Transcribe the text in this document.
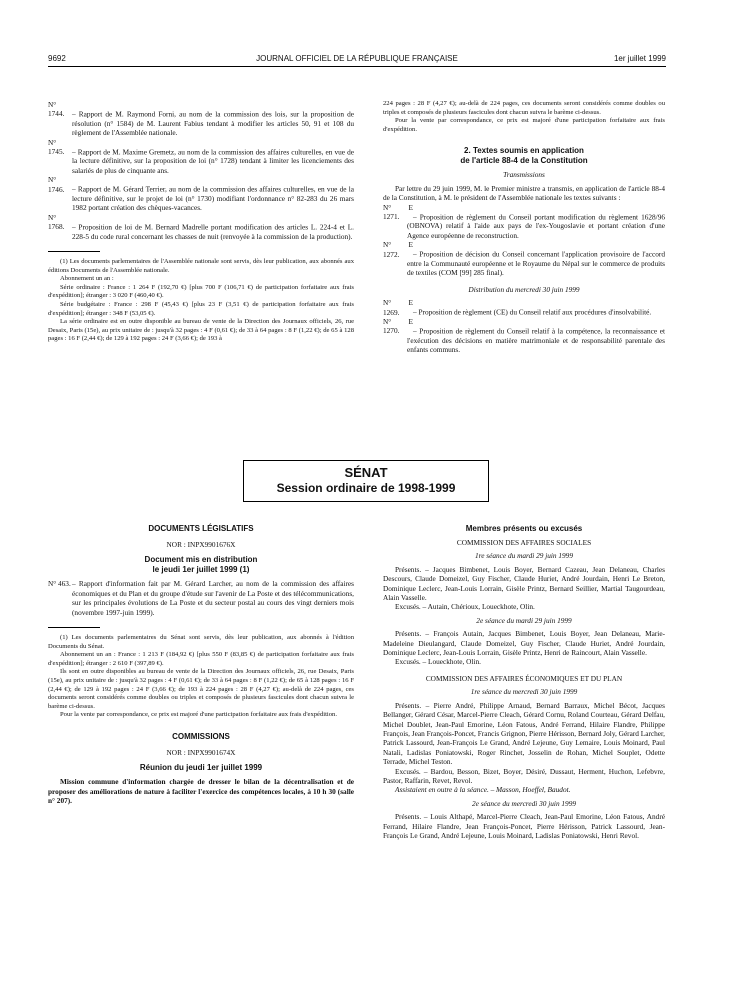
9692	JOURNAL OFFICIEL DE LA RÉPUBLIQUE FRANÇAISE	1er juillet 1999

N° 1744. – Rapport de M. Raymond Forni, au nom de la commission des lois, sur la proposition de résolution (n° 1584) de M. Laurent Fabius tendant à modifier les articles 50, 91 et 108 du règlement de l'Assemblée nationale.

N° 1745. – Rapport de M. Maxime Gremetz, au nom de la commission des affaires culturelles, en vue de la lecture définitive, sur la proposition de loi (n° 1728) tendant à limiter les licenciements des salariés de plus de cinquante ans.

N° 1746. – Rapport de M. Gérard Terrier, au nom de la commission des affaires culturelles, en vue de la lecture définitive, sur le projet de loi (n° 1730) modifiant l'ordonnance n° 82-283 du 26 mars 1982 portant création des chèques-vacances.

N° 1768. – Proposition de loi de M. Bernard Madrelle portant modification des articles L. 224-4 et L. 228-5 du code rural concernant les chasses de nuit (renvoyée à la commission de la production).

(1) Les documents parlementaires de l'Assemblée nationale sont servis, dès leur publication, aux abonnés aux éditions Documents de l'Assemblée nationale.

Abonnement un an :

Série ordinaire : France : 1 264 F (192,70 €) [plus 700 F (106,71 €) de participation forfaitaire aux frais d'expédition]; étranger : 3 020 F (460,40 €).

Série budgétaire : France : 298 F (45,43 €) [plus 23 F (3,51 €) de participation forfaitaire aux frais d'expédition]; étranger : 348 F (53,05 €).

La série ordinaire est en outre disponible au bureau de vente de la Direction des Journaux officiels, 26, rue Desaix, Paris (15e), au prix unitaire de : jusqu'à 32 pages : 4 F (0,61 €); de 33 à 64 pages : 8 F (1,22 €); de 65 à 128 pages : 16 F (2,44 €); de 129 à 192 pages : 24 F (3,66 €); de 193 à

224 pages : 28 F (4,27 €); au-delà de 224 pages, ces documents seront considérés comme doubles ou triples et composés de plusieurs fascicules dont chacun suivra le barème ci-dessus.

Pour la vente par correspondance, ce prix est majoré d'une participation forfaitaire aux frais d'expédition.

2. Textes soumis en application
de l'article 88-4 de la Constitution
Transmissions

Par lettre du 29 juin 1999, M. le Premier ministre a transmis, en application de l'article 88-4 de la Constitution, à M. le président de l'Assemblée nationale les textes suivants :

N° E 1271. – Proposition de règlement du Conseil portant modification du règlement 1628/96 (OBNOVA) relatif à l'aide aux pays de l'ex-Yougoslavie et portant création d'une Agence européenne de reconstruction.

N° E 1272. – Proposition de décision du Conseil concernant l'application provisoire de l'accord entre la Communauté européenne et le Royaume du Népal sur le commerce de produits de textiles (COM [99] 285 final).

Distribution du mercredi 30 juin 1999

N° E 1269. – Proposition de règlement (CE) du Conseil relatif aux procédures d'insolvabilité.

N° E 1270. – Proposition de règlement du Conseil relatif à la compétence, la reconnaissance et l'exécution des décisions en matière matrimoniale et de responsabilité parentale des enfants communs.

SÉNAT
Session ordinaire de 1998-1999
DOCUMENTS LÉGISLATIFS
NOR : INPX9901676X
Document mis en distribution
le jeudi 1er juillet 1999 (1)

N° 463.– Rapport d'information fait par M. Gérard Larcher, au nom de la commission des affaires économiques et du Plan et du groupe d'étude sur l'avenir de La Poste et des télécommunications, sur les principales évolutions de La Poste et du secteur postal au cours des vingt derniers mois (novembre 1997-juin 1999).

(1) Les documents parlementaires du Sénat sont servis, dès leur publication, aux abonnés à l'édition Documents du Sénat.

Abonnement un an : France : 1 213 F (184,92 €) [plus 550 F (83,85 €) de participation forfaitaire aux frais d'expédition]; étranger : 2 610 F (397,89 €).

Ils sont en outre disponibles au bureau de vente de la Direction des Journaux officiels, 26, rue Desaix, Paris (15e), au prix unitaire de : jusqu'à 32 pages : 4 F (0,61 €); de 33 à 64 pages : 8 F (1,22 €); de 65 à 128 pages : 16 F (2,44 €); de 129 à 192 pages : 24 F (3,66 €); de 193 à 224 pages : 28 F (4,27 €); au-delà de 224 pages, ces documents seront considérés comme doubles ou triples et composés de plusieurs fascicules dont chacun suivra le barème ci-dessus.

Pour la vente par correspondance, ce prix est majoré d'une participation forfaitaire aux frais d'expédition.

COMMISSIONS
NOR : INPX9901674X
Réunion du jeudi 1er juillet 1999

Mission commune d'information chargée de dresser le bilan de la décentralisation et de proposer des améliorations de nature à faciliter l'exercice des compétences locales, à 10 h 30 (salle n° 207).

Membres présents ou excusés
COMMISSION DES AFFAIRES SOCIALES
1re séance du mardi 29 juin 1999

Présents. – Jacques Bimbenet, Louis Boyer, Bernard Cazeau, Jean Delaneau, Charles Descours, Claude Domeizel, Guy Fischer, Claude Huriet, André Jourdain, Henri Le Breton, Dominique Leclerc, Jean-Louis Lorrain, Gisèle Printz, Bernard Seillier, Martial Taugourdeau, Alain Vasselle.

Excusés. – Autain, Chérioux, Loueckhote, Olin.

2e séance du mardi 29 juin 1999

Présents. – François Autain, Jacques Bimbenet, Louis Boyer, Jean Delaneau, Marie-Madeleine Dieulangard, Claude Domeizel, Guy Fischer, Claude Huriet, André Jourdain, Dominique Leclerc, Jean-Louis Lorrain, Gisèle Printz, Henri de Raincourt, Alain Vasselle.

Excusés. – Loueckhote, Olin.

COMMISSION DES AFFAIRES ÉCONOMIQUES ET DU PLAN
1re séance du mercredi 30 juin 1999

Présents. – Pierre André, Philippe Arnaud, Bernard Barraux, Michel Bécot, Jacques Bellanger, Gérard César, Marcel-Pierre Cleach, Gérard Cornu, Roland Courteau, Gérard Delfau, Michel Doublet, Jean-Paul Emorine, Léon Fatous, André Ferrand, Hilaire Flandre, Philippe François, Jean François-Poncet, Francis Grignon, Pierre Hérisson, Bernard Joly, Gérard Larcher, Patrick Lassourd, Jean-François Le Grand, André Lejeune, Guy Lemaire, Louis Moinard, Paul Natali, Ladislas Poniatowski, Roger Rinchet, Josselin de Rohan, Michel Souplet, Odette Terrade, Michel Teston.

Excusés. – Bardou, Besson, Bizet, Boyer, Désiré, Dussaut, Herment, Huchon, Lefebvre, Pastor, Raffarin, Revet, Revol.

Assistaient en outre à la séance. – Masson, Hoeffel, Baudot.

2e séance du mercredi 30 juin 1999

Présents. – Louis Althapé, Marcel-Pierre Cleach, Jean-Paul Emorine, Léon Fatous, André Ferrand, Hilaire Flandre, Jean François-Poncet, Pierre Hérisson, Patrick Lassourd, Jean-François Le Grand, André Lejeune, Louis Moinard, Ladislas Poniatowski, Henri Revol.
